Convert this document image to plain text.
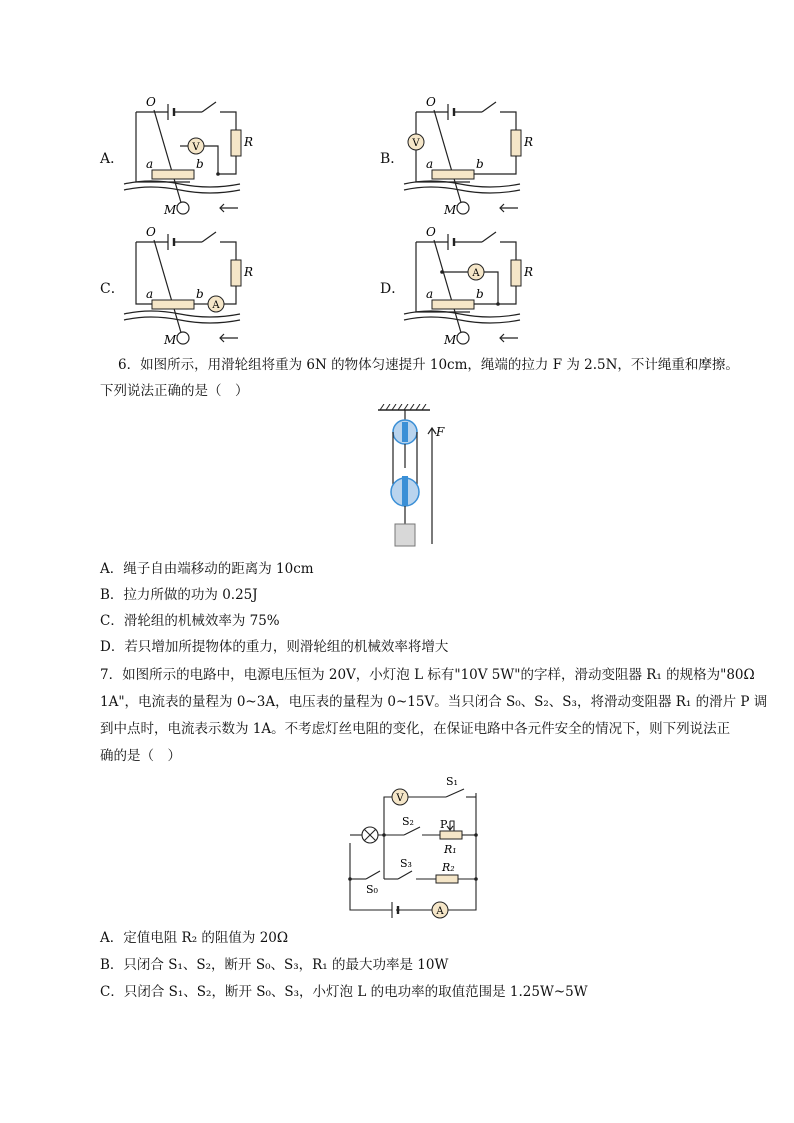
A．	B．
C．	D．
V
O
R
a	b
M
V
O
R
a	b
M
A
O
R
a	b
M
A
O
R
a	b
M
6．如图所示，用滑轮组将重为 6N 的物体匀速提升 10cm，绳端的拉力 F 为 2.5N，不计绳重和摩擦。
下列说法正确的是（　）
F
A．绳子自由端移动的距离为 10cm
B．拉力所做的功为 0.25J
C．滑轮组的机械效率为 75%
D．若只增加所提物体的重力，则滑轮组的机械效率将增大
7．如图所示的电路中，电源电压恒为 20V，小灯泡 L 标有"10V 5W"的字样，滑动变阻器 R₁ 的规格为"80Ω
1A"，电流表的量程为 0~3A，电压表的量程为 0~15V。当只闭合 S₀、S₂、S₃，将滑动变阻器 R₁ 的滑片 P 调
到中点时，电流表示数为 1A。不考虑灯丝电阻的变化，在保证电路中各元件安全的情况下，则下列说法正
确的是（　）
V
A
S₁
S₂ P
R₁
S₃	R₂
S₀
A．定值电阻 R₂ 的阻值为 20Ω
B．只闭合 S₁、S₂，断开 S₀、S₃，R₁ 的最大功率是 10W
C．只闭合 S₁、S₂，断开 S₀、S₃，小灯泡 L 的电功率的取值范围是 1.25W~5W
